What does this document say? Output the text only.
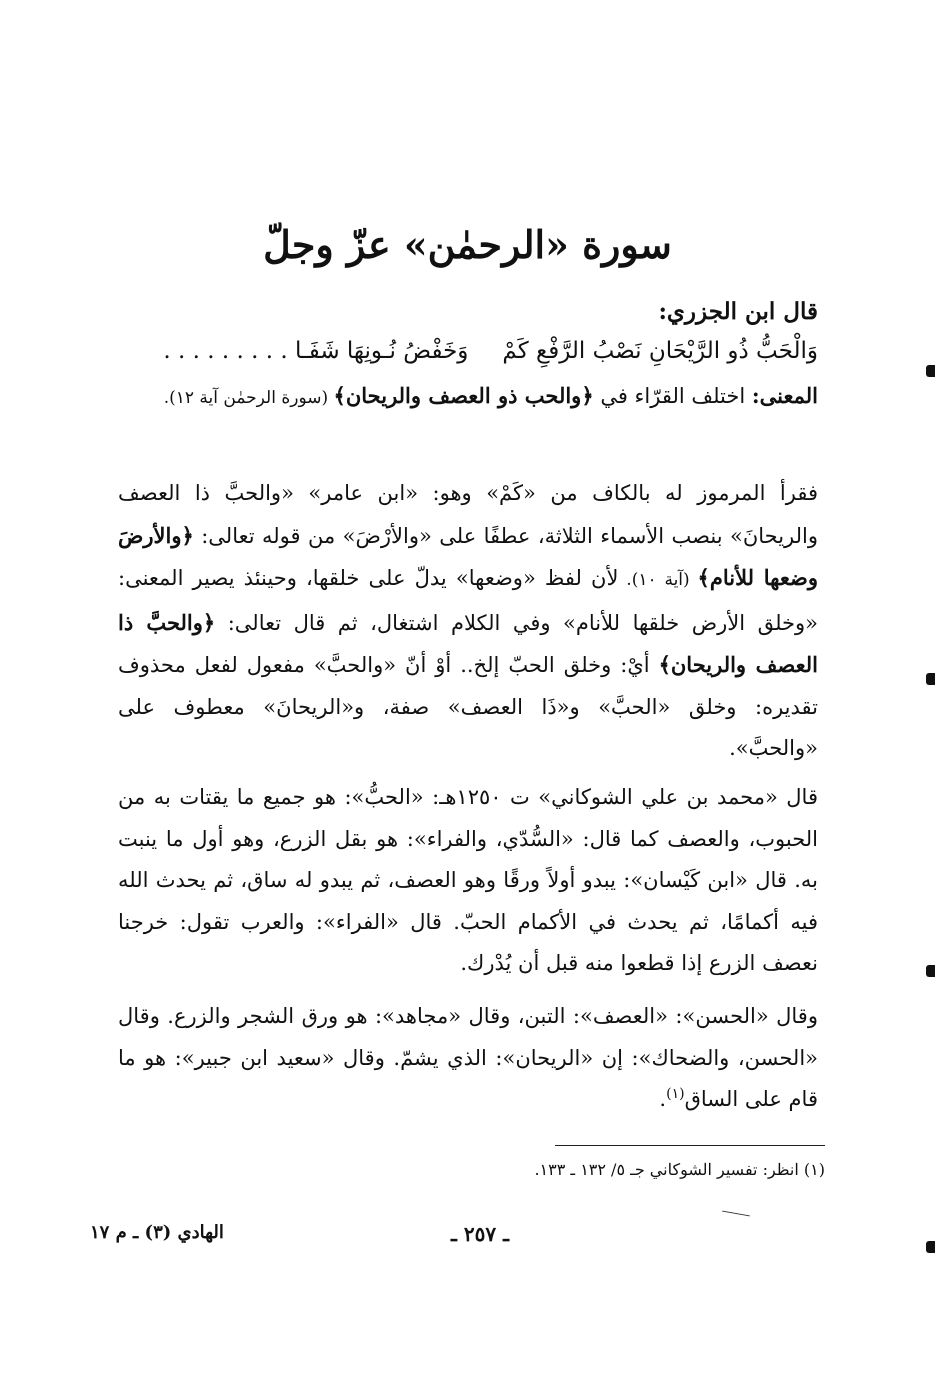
سورة «الرحمٰن» عزّ وجلّ
قال ابن الجزري:
وَالْحَبُّ ذُو الرَّيْحَانِ نَصْبُ الرَّفْعِ كَمْوَخَفْضُ نُـونِهَا شَفَـا . . . . . . . . .

المعنى: اختلف القرّاء في ﴿والحب ذو العصف والريحان﴾ (سورة الرحمٰن آية ١٢).

فقرأ المرموز له بالكاف من «كَمْ» وهو: «ابن عامر» «والحبَّ ذا العصف والريحانَ» بنصب الأسماء الثلاثة، عطفًا على «والأرْضَ» من قوله تعالى: ﴿والأرضَ وضعها للأنام﴾ (آية ١٠). لأن لفظ «وضعها» يدلّ على خلقها، وحينئذ يصير المعنى: «وخلق الأرض خلقها للأنام» وفي الكلام اشتغال، ثم قال تعالى: ﴿والحبَّ ذا العصف والريحان﴾ أيْ: وخلق الحبّ إلخ.. أوْ أنّ «والحبَّ» مفعول لفعل محذوف تقديره: وخلق «الحبَّ» و«ذَا العصف» صفة، و«الريحانَ» معطوف على «والحبَّ».

قال «محمد بن علي الشوكاني» ت ١٢٥٠هـ: «الحبُّ»: هو جميع ما يقتات به من الحبوب، والعصف كما قال: «السُّدّي، والفراء»: هو بقل الزرع، وهو أول ما ينبت به. قال «ابن كَيْسان»: يبدو أولاً ورقًا وهو العصف، ثم يبدو له ساق، ثم يحدث الله فيه أكمامًا، ثم يحدث في الأكمام الحبّ. قال «الفراء»: والعرب تقول: خرجنا نعصف الزرع إذا قطعوا منه قبل أن يُدْرك.

وقال «الحسن»: «العصف»: التبن، وقال «مجاهد»: هو ورق الشجر والزرع. وقال «الحسن، والضحاك»: إن «الريحان»: الذي يشمّ. وقال «سعيد ابن جبير»: هو ما قام على الساق$^{(١)}$.

(١) انظر: تفسير الشوكاني جـ ٥/ ١٣٢ ـ ١٣٣.
ـ ٢٥٧ ـ
الهادي (٣) ـ م ١٧
